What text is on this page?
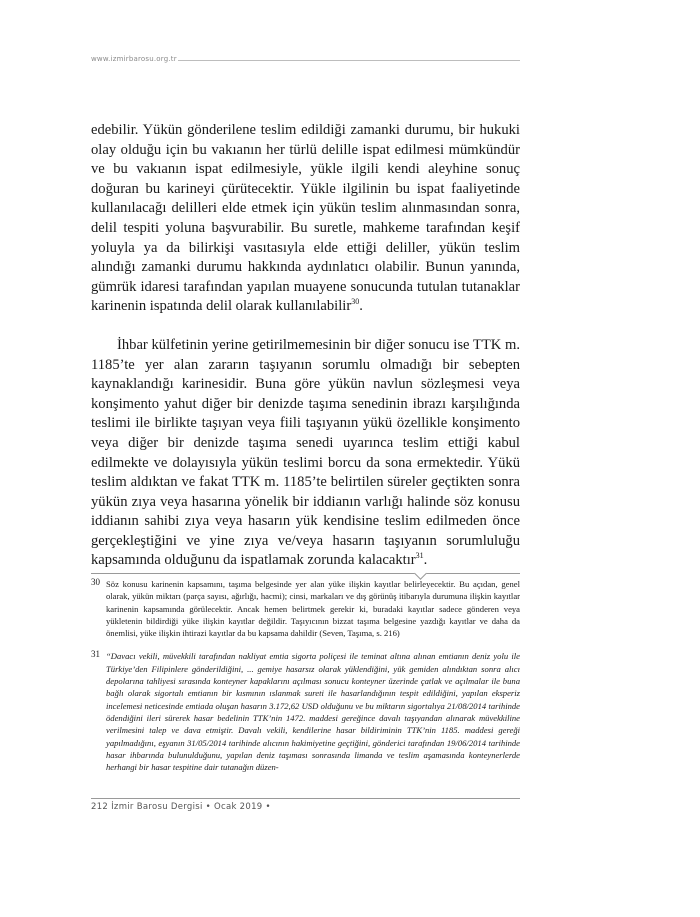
www.izmirbarosu.org.tr

edebilir. Yükün gönderilene teslim edildiği zamanki durumu, bir hukuki olay olduğu için bu vakıanın her türlü delille ispat edilmesi mümkündür ve bu vakıanın ispat edilmesiyle, yükle ilgili kendi aleyhine sonuç doğuran bu karineyi çürütecektir. Yükle ilgilinin bu ispat faaliyetinde kullanılacağı delilleri elde etmek için yükün teslim alınmasından sonra, delil tespiti yoluna başvurabilir. Bu suretle, mahkeme tarafından keşif yoluyla ya da bilirkişi vasıtasıyla elde ettiği deliller, yükün teslim alındığı zamanki durumu hakkında aydınlatıcı olabilir. Bunun yanında, gümrük idaresi tarafından yapılan muayene sonucunda tutulan tutanaklar karinenin ispatında delil olarak kullanılabilir$^{30}$.

İhbar külfetinin yerine getirilmemesinin bir diğer sonucu ise TTK m. 1185’te yer alan zararın taşıyanın sorumlu olmadığı bir sebepten kaynaklandığı karinesidir. Buna göre yükün navlun sözleşmesi veya konşimento yahut diğer bir denizde taşıma senedinin ibrazı karşılığında teslimi ile birlikte taşıyan veya fiili taşıyanın yükü özellikle konşimento veya diğer bir denizde taşıma senedi uyarınca teslim ettiği kabul edilmekte ve dolayısıyla yükün teslimi borcu da sona ermektedir. Yükü teslim aldıktan ve fakat TTK m. 1185’te belirtilen süreler geçtikten sonra yükün zıya veya hasarına yönelik bir iddianın varlığı halinde söz konusu iddianın sahibi zıya veya hasarın yük kendisine teslim edilmeden önce gerçekleştiğini ve yine zıya ve/veya hasarın taşıyanın sorumluluğu kapsamında olduğunu da ispatlamak zorunda kalacaktır$^{31}$.

30 Söz konusu karinenin kapsamını, taşıma belgesinde yer alan yüke ilişkin kayıtlar belirleyecektir. Bu açıdan, genel olarak, yükün miktarı (parça sayısı, ağırlığı, hacmi); cinsi, markaları ve dış görünüş itibarıyla durumuna ilişkin kayıtlar karinenin kapsamında görülecektir. Ancak hemen belirtmek gerekir ki, buradaki kayıtlar sadece gönderen veya yükletenin bildirdiği yüke ilişkin kayıtlar değildir. Taşıyıcının bizzat taşıma belgesine yazdığı kayıtlar ve daha da önemlisi, yüke ilişkin ihtirazi kayıtlar da bu kapsama dahildir (Seven, Taşıma, s. 216)
31 “Davacı vekili, müvekkili tarafından nakliyat emtia sigorta poliçesi ile teminat altına alınan emtianın deniz yolu ile Türkiye’den Filipinlere gönderildiğini, ... gemiye hasarsız olarak yüklendiğini, yük gemiden alındıktan sonra alıcı depolarına tahliyesi sırasında konteyner kapaklarını açılması sonucu konteyner üzerinde çatlak ve açılmalar ile buna bağlı olarak sigortalı emtianın bir kısmının ıslanmak sureti ile hasarlandığının tespit edildiğini, yapılan eksperiz incelemesi neticesinde emtiada oluşan hasarın 3.172,62 USD olduğunu ve bu miktarın sigortalıya 21/08/2014 tarihinde ödendiğini ileri sürerek hasar bedelinin TTK’nin 1472. maddesi gereğince davalı taşıyandan alınarak müvekkiline verilmesini talep ve dava etmiştir. Davalı vekili, kendilerine hasar bildiriminin TTK’nin 1185. maddesi gereği yapılmadığını, eşyanın 31/05/2014 tarihinde alıcının hakimiyetine geçtiğini, gönderici tarafından 19/06/2014 tarihinde hasar ihbarında bulunulduğunu, yapılan deniz taşıması sonrasında limanda ve teslim aşamasında konteynerlerde herhangi bir hasar tespitine dair tutanağın düzen-
212 İzmir Barosu Dergisi • Ocak 2019 •
